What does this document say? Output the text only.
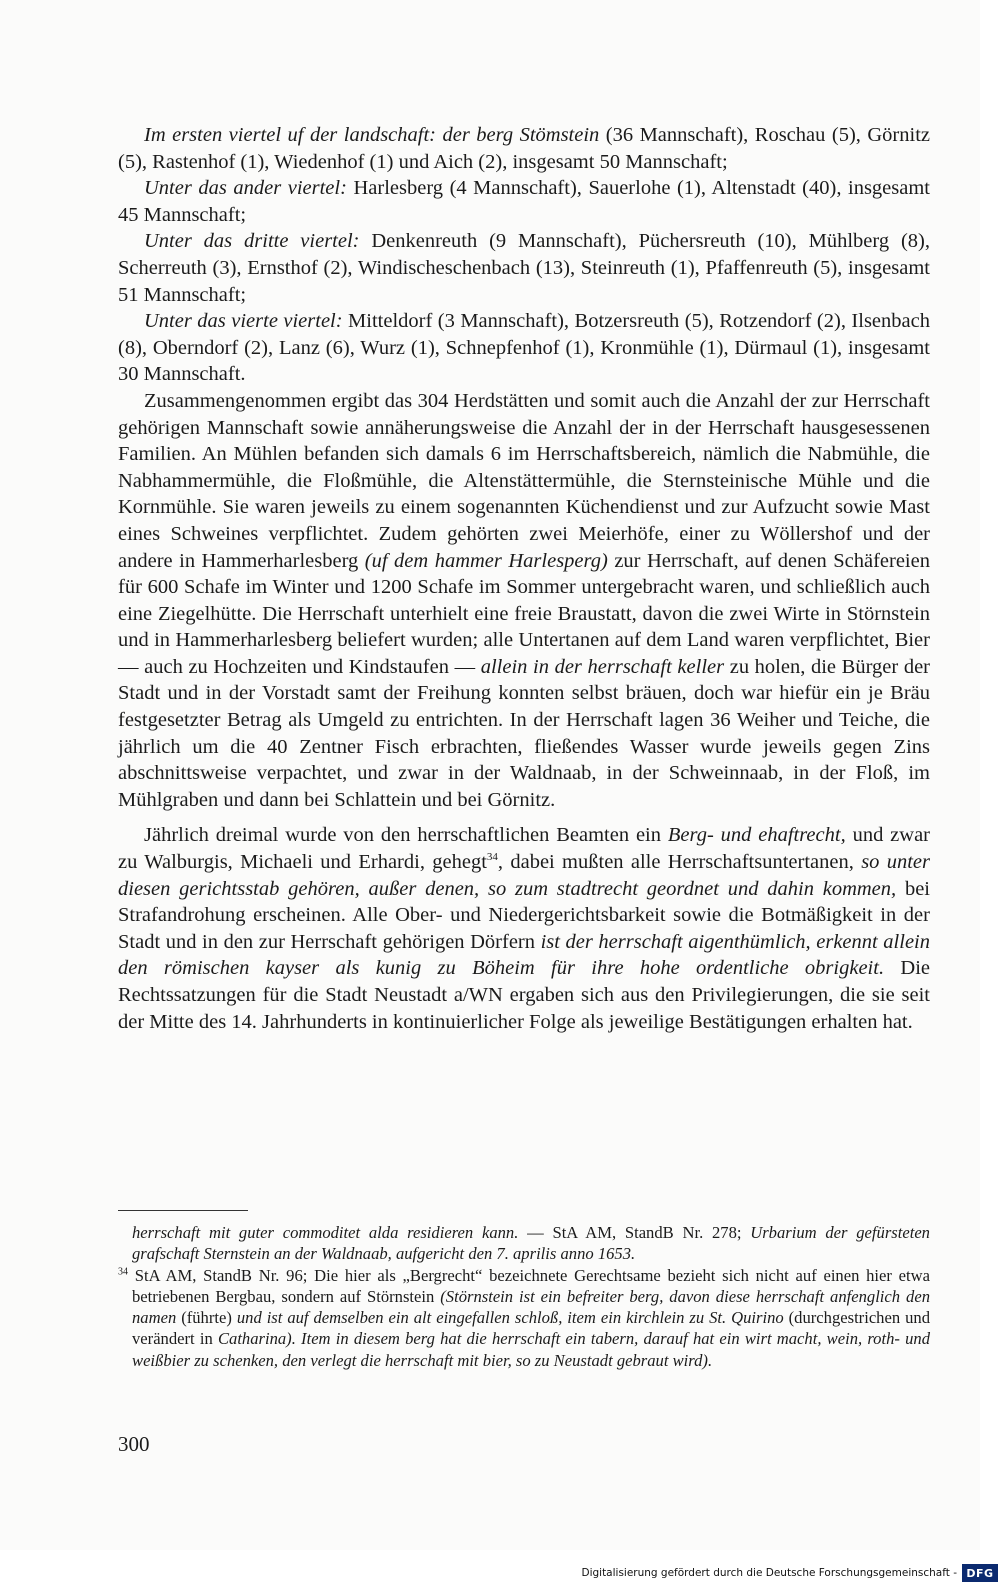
Im ersten viertel uf der landschaft: der berg Stömstein (36 Mannschaft), Roschau (5), Görnitz (5), Rastenhof (1), Wiedenhof (1) und Aich (2), insgesamt 50 Mannschaft;

Unter das ander viertel: Harlesberg (4 Mannschaft), Sauerlohe (1), Altenstadt (40), insgesamt 45 Mannschaft;

Unter das dritte viertel: Denkenreuth (9 Mannschaft), Püchersreuth (10), Mühlberg (8), Scherreuth (3), Ernsthof (2), Windischeschenbach (13), Steinreuth (1), Pfaffenreuth (5), insgesamt 51 Mannschaft;

Unter das vierte viertel: Mitteldorf (3 Mannschaft), Botzersreuth (5), Rotzendorf (2), Ilsenbach (8), Oberndorf (2), Lanz (6), Wurz (1), Schnepfenhof (1), Kronmühle (1), Dürmaul (1), insgesamt 30 Mannschaft.

Zusammengenommen ergibt das 304 Herdstätten und somit auch die Anzahl der zur Herrschaft gehörigen Mannschaft sowie annäherungsweise die Anzahl der in der Herrschaft hausgesessenen Familien. An Mühlen befanden sich damals 6 im Herrschaftsbereich, nämlich die Nabmühle, die Nabhammermühle, die Floßmühle, die Altenstättermühle, die Sternsteinische Mühle und die Kornmühle. Sie waren jeweils zu einem sogenannten Küchendienst und zur Aufzucht sowie Mast eines Schweines verpflichtet. Zudem gehörten zwei Meierhöfe, einer zu Wöllershof und der andere in Hammerharlesberg (uf dem hammer Harlesperg) zur Herrschaft, auf denen Schäfereien für 600 Schafe im Winter und 1200 Schafe im Sommer untergebracht waren, und schließlich auch eine Ziegelhütte. Die Herrschaft unterhielt eine freie Braustatt, davon die zwei Wirte in Störnstein und in Hammerharlesberg beliefert wurden; alle Untertanen auf dem Land waren verpflichtet, Bier — auch zu Hochzeiten und Kindstaufen — allein in der herrschaft keller zu holen, die Bürger der Stadt und in der Vorstadt samt der Freihung konnten selbst bräuen, doch war hiefür ein je Bräu festgesetzter Betrag als Umgeld zu entrichten. In der Herrschaft lagen 36 Weiher und Teiche, die jährlich um die 40 Zentner Fisch erbrachten, fließendes Wasser wurde jeweils gegen Zins abschnittsweise verpachtet, und zwar in der Waldnaab, in der Schweinnaab, in der Floß, im Mühlgraben und dann bei Schlattein und bei Görnitz.

Jährlich dreimal wurde von den herrschaftlichen Beamten ein Berg- und ehaftrecht, und zwar zu Walburgis, Michaeli und Erhardi, gehegt$^{34}$, dabei mußten alle Herrschaftsuntertanen, so unter diesen gerichtsstab gehören, außer denen, so zum stadtrecht geordnet und dahin kommen, bei Strafandrohung erscheinen. Alle Ober- und Niedergerichtsbarkeit sowie die Botmäßigkeit in der Stadt und in den zur Herrschaft gehörigen Dörfern ist der herrschaft aigenthümlich, erkennt allein den römischen kayser als kunig zu Böheim für ihre hohe ordentliche obrigkeit. Die Rechtssatzungen für die Stadt Neustadt a/WN ergaben sich aus den Privilegierungen, die sie seit der Mitte des 14. Jahrhunderts in kontinuierlicher Folge als jeweilige Bestätigungen erhalten hat.

herrschaft mit guter commoditet alda residieren kann. — StA AM, StandB Nr. 278; Urbarium der gefürsteten grafschaft Sternstein an der Waldnaab, aufgericht den 7. aprilis anno 1653.

$^{34}$ StA AM, StandB Nr. 96; Die hier als „Bergrecht“ bezeichnete Gerechtsame bezieht sich nicht auf einen hier etwa betriebenen Bergbau, sondern auf Störnstein (Störnstein ist ein befreiter berg, davon diese herrschaft anfenglich den namen (führte) und ist auf demselben ein alt eingefallen schloß, item ein kirchlein zu St. Quirino (durchgestrichen und verändert in Catharina). Item in diesem berg hat die herrschaft ein tabern, darauf hat ein wirt macht, wein, roth- und weißbier zu schenken, den verlegt die herrschaft mit bier, so zu Neustadt gebraut wird).

300
Digitalisierung gefördert durch die Deutsche Forschungsgemeinschaft - DFG
